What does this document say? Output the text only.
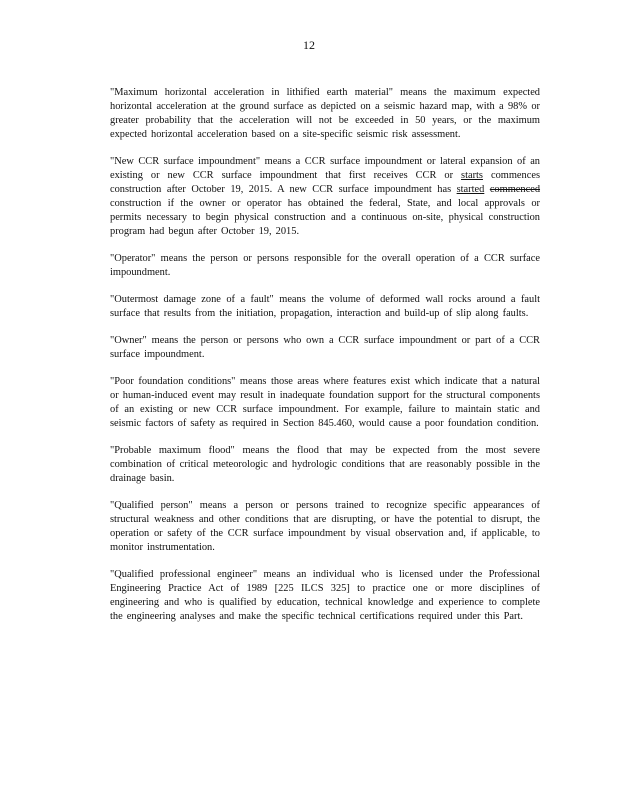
12

"Maximum horizontal acceleration in lithified earth material" means the maximum expected horizontal acceleration at the ground surface as depicted on a seismic hazard map, with a 98% or greater probability that the acceleration will not be exceeded in 50 years, or the maximum expected horizontal acceleration based on a site-specific seismic risk assessment.

"New CCR surface impoundment" means a CCR surface impoundment or lateral expansion of an existing or new CCR surface impoundment that first receives CCR or starts commences construction after October 19, 2015. A new CCR surface impoundment has started commenced construction if the owner or operator has obtained the federal, State, and local approvals or permits necessary to begin physical construction and a continuous on-site, physical construction program had begun after October 19, 2015.

"Operator" means the person or persons responsible for the overall operation of a CCR surface impoundment.

"Outermost damage zone of a fault" means the volume of deformed wall rocks around a fault surface that results from the initiation, propagation, interaction and build-up of slip along faults.

"Owner" means the person or persons who own a CCR surface impoundment or part of a CCR surface impoundment.

"Poor foundation conditions" means those areas where features exist which indicate that a natural or human-induced event may result in inadequate foundation support for the structural components of an existing or new CCR surface impoundment. For example, failure to maintain static and seismic factors of safety as required in Section 845.460, would cause a poor foundation condition.

"Probable maximum flood" means the flood that may be expected from the most severe combination of critical meteorologic and hydrologic conditions that are reasonably possible in the drainage basin.

"Qualified person" means a person or persons trained to recognize specific appearances of structural weakness and other conditions that are disrupting, or have the potential to disrupt, the operation or safety of the CCR surface impoundment by visual observation and, if applicable, to monitor instrumentation.

"Qualified professional engineer" means an individual who is licensed under the Professional Engineering Practice Act of 1989 [225 ILCS 325] to practice one or more disciplines of engineering and who is qualified by education, technical knowledge and experience to complete the engineering analyses and make the specific technical certifications required under this Part.
